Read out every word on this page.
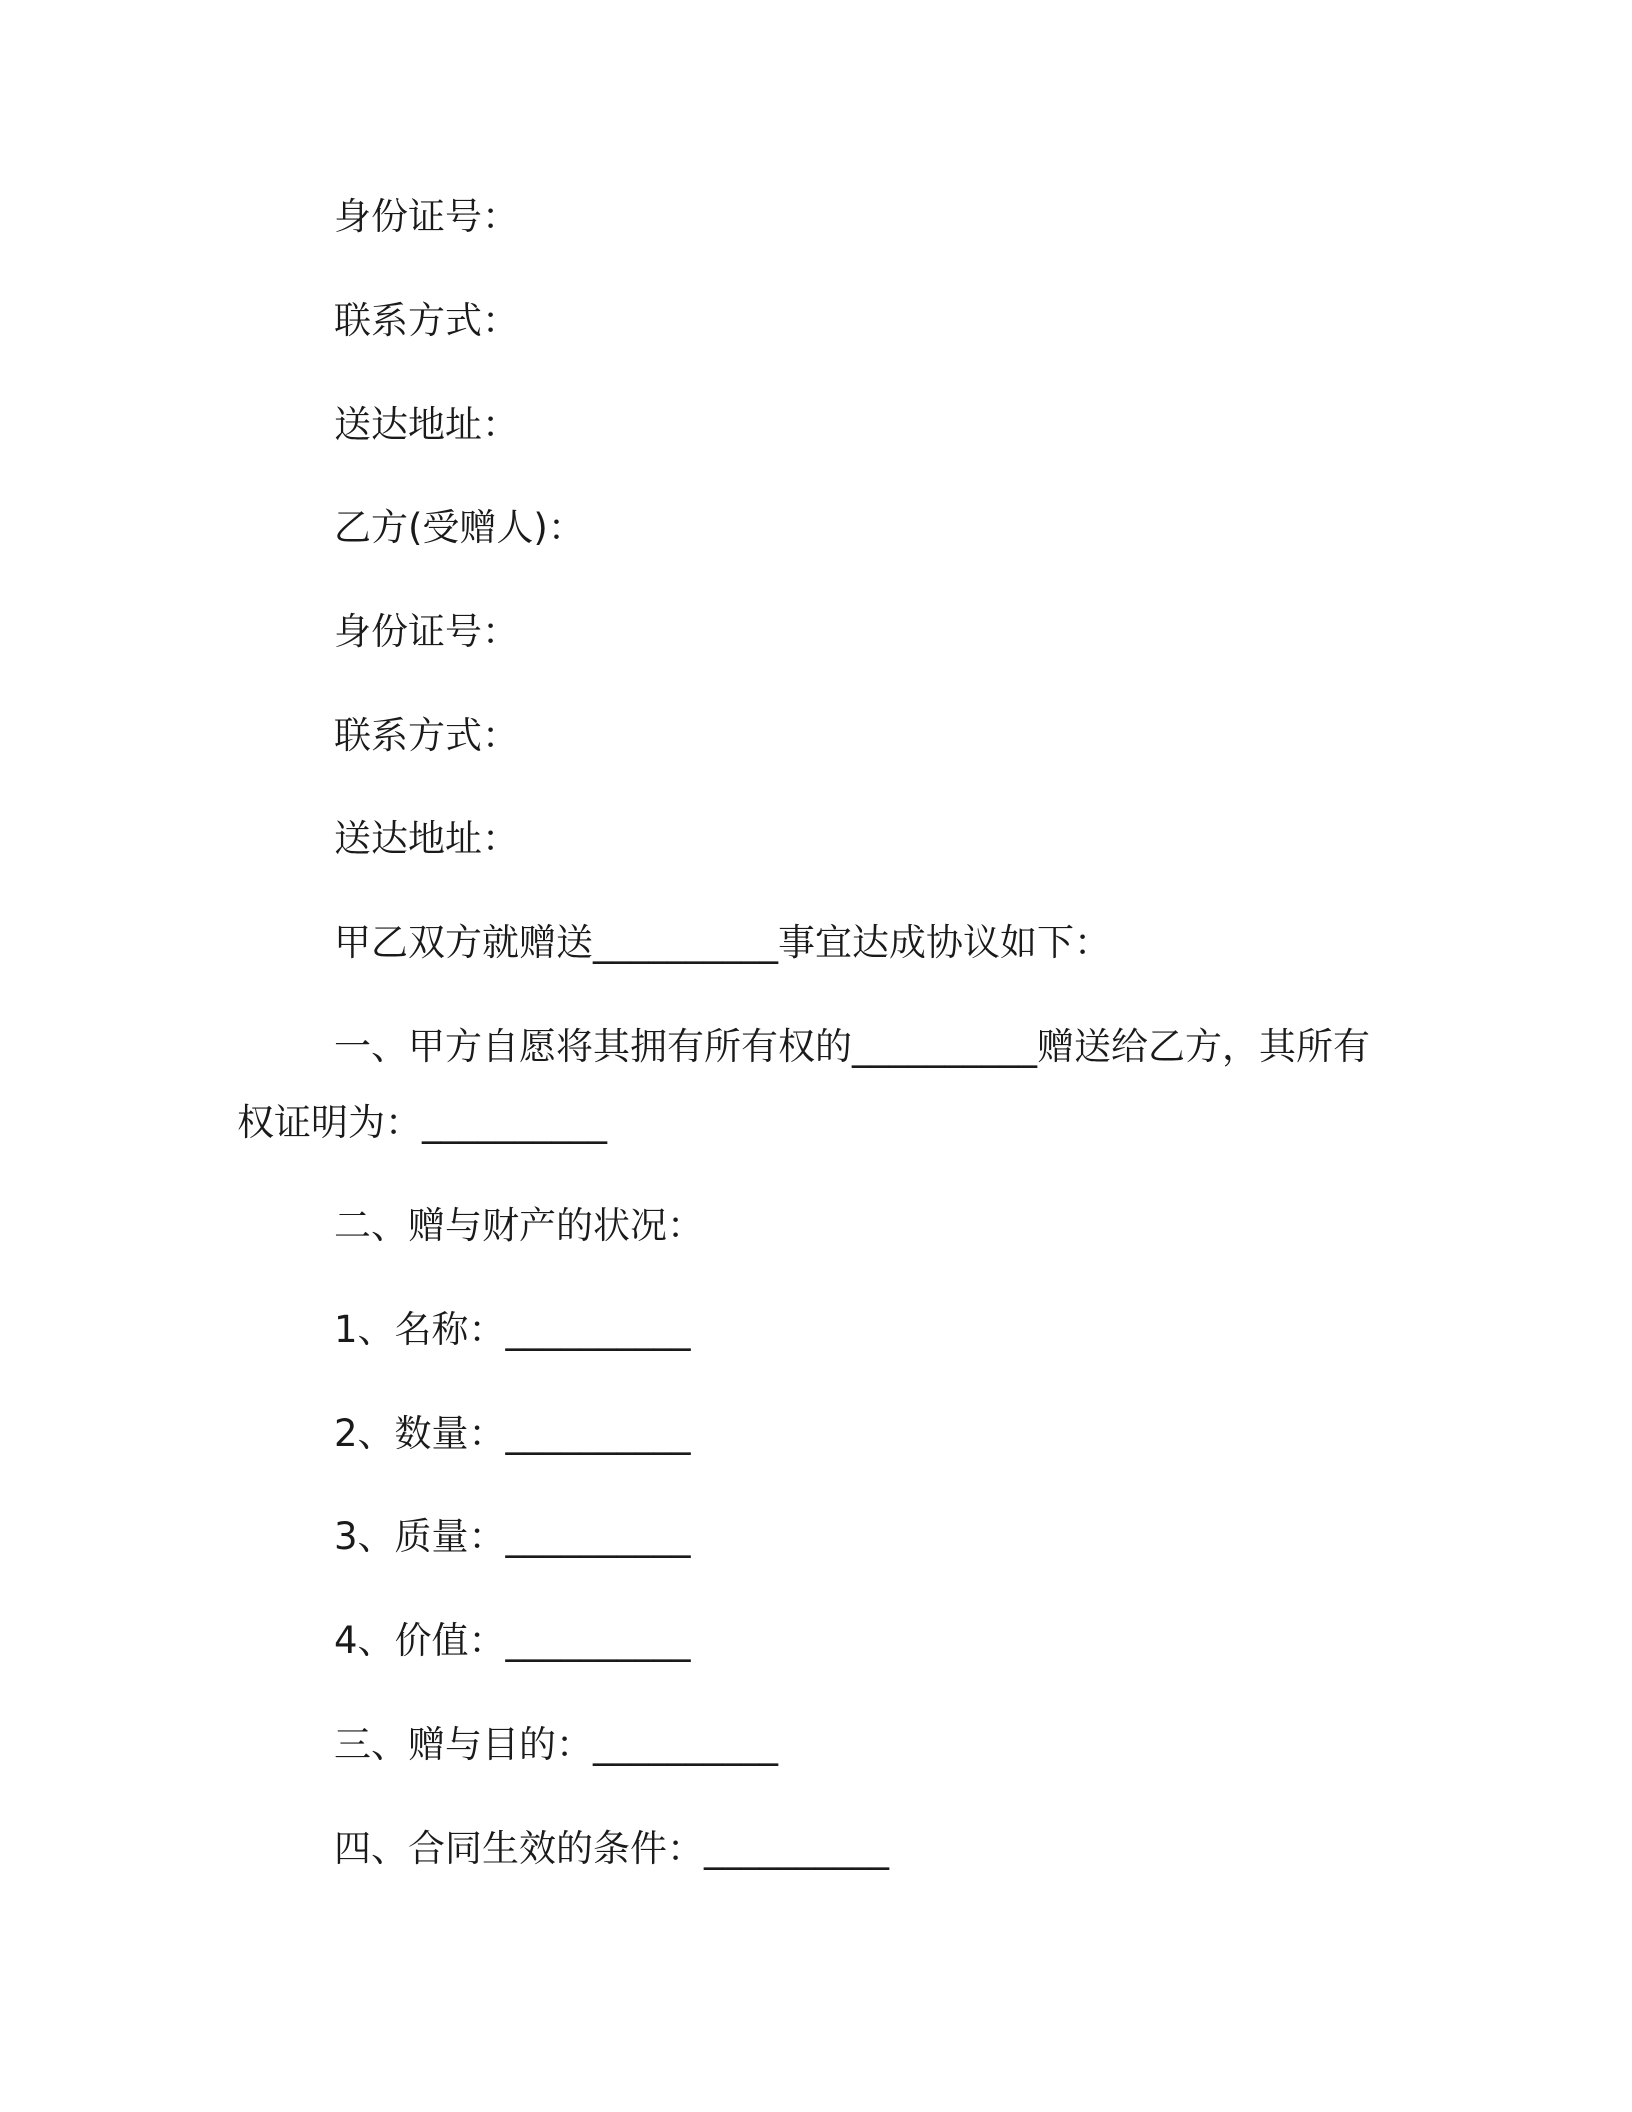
身份证号：
联系方式：
送达地址：
乙方(受赠人)：
身份证号：
联系方式：
送达地址：
甲乙双方就赠送__________事宜达成协议如下：
一、甲方自愿将其拥有所有权的__________赠送给乙方，其所有
权证明为：__________
二、赠与财产的状况：
1、名称：__________
2、数量：__________
3、质量：__________
4、价值：__________
三、赠与目的：__________
四、合同生效的条件：__________
